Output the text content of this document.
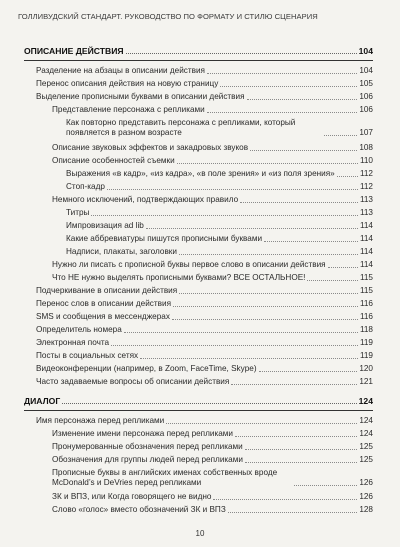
ГОЛЛИВУДСКИЙ СТАНДАРТ. РУКОВОДСТВО ПО ФОРМАТУ И СТИЛЮ СЦЕНАРИЯ
ОПИСАНИЕ ДЕЙСТВИЯ	104
Разделение на абзацы в описании действия	104
Перенос описания действия на новую страницу	105
Выделение прописными буквами в описании действия	106
Представление персонажа с репликами	106
Как повторно представить персонажа с репликами, который появляется в разном возрасте	107
Описание звуковых эффектов и закадровых звуков	108
Описание особенностей съемки	110
Выражения «в кадр», «из кадра», «в поле зрения» и «из поля зрения»	112
Стоп-кадр	112
Немного исключений, подтверждающих правило	113
Титры	113
Импровизация ad lib	114
Какие аббревиатуры пишутся прописными буквами	114
Надписи, плакаты, заголовки	114
Нужно ли писать с прописной буквы первое слово в описании действия	114
Что НЕ нужно выделять прописными буквами? ВСЕ ОСТАЛЬНОЕ!	115
Подчеркивание в описании действия	115
Перенос слов в описании действия	116
SMS и сообщения в мессенджерах	116
Определитель номера	118
Электронная почта	119
Посты в социальных сетях	119
Видеоконференции (например, в Zoom, FaceTime, Skype)	120
Часто задаваемые вопросы об описании действия	121
ДИАЛОГ	124
Имя персонажа перед репликами	124
Изменение имени персонажа перед репликами	124
Пронумерованные обозначения перед репликами	125
Обозначения для группы людей перед репликами	125
Прописные буквы в английских именах собственных вроде McDonald’s и DeVries перед репликами	126
ЗК и ВПЗ, или Когда говорящего не видно	126
Слово «голос» вместо обозначений ЗК и ВПЗ	128
10
